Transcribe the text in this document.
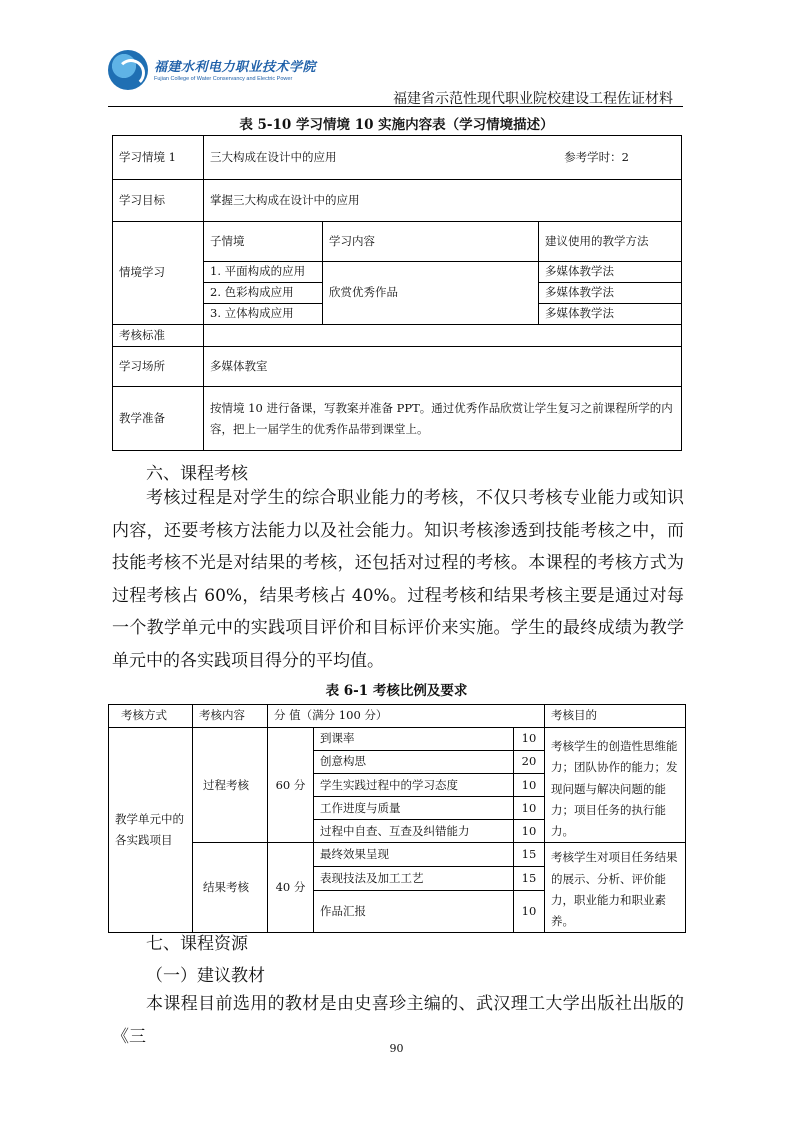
福建水利电力职业技术学院
Fujian College of Water Conservancy and Electric Power
福建省示范性现代职业院校建设工程佐证材料
表 5-10 学习情境 10 实施内容表（学习情境描述）
学习情境 1	三大构成在设计中的应用 参考学时：2		

学习目标	掌握三大构成在设计中的应用		
情境学习	子情境	学习内容	建议使用的教学方法
	1. 平面构成的应用	欣赏优秀作品	多媒体教学法
	2. 色彩构成应用		多媒体教学法
	3. 立体构成应用		多媒体教学法
考核标准			
学习场所	多媒体教室		
教学准备	按情境 10 进行备课，写教案并准备 PPT。通过优秀作品欣赏让学生复习之前课程所学的内容，把上一届学生的优秀作品带到课堂上。		
六、课程考核
考核过程是对学生的综合职业能力的考核，不仅只考核专业能力或知识内容，还要考核方法能力以及社会能力。知识考核渗透到技能考核之中，而技能考核不光是对结果的考核，还包括对过程的考核。本课程的考核方式为过程考核占 60%，结果考核占 40%。过程考核和结果考核主要是通过对每一个教学单元中的实践项目评价和目标评价来实施。学生的最终成绩为教学单元中的各实践项目得分的平均值。
表 6-1 考核比例及要求
考核方式	考核内容	分 值（满分 100 分）			考核目的
教学单元中的各实践项目	过程考核	60 分	到课率	10	考核学生的创造性思维能力；团队协作的能力；发现问题与解决问题的能力；项目任务的执行能力。
			创意构思	20	
			学生实践过程中的学习态度	10	
			工作进度与质量	10	
			过程中自查、互查及纠错能力	10	
	结果考核	40 分	最终效果呈现	15	考核学生对项目任务结果的展示、分析、评价能力，职业能力和职业素养。
			表现技法及加工工艺	15	
			作品汇报	10	
七、课程资源
（一）建议教材
本课程目前选用的教材是由史喜珍主编的、武汉理工大学出版社出版的《三
90
